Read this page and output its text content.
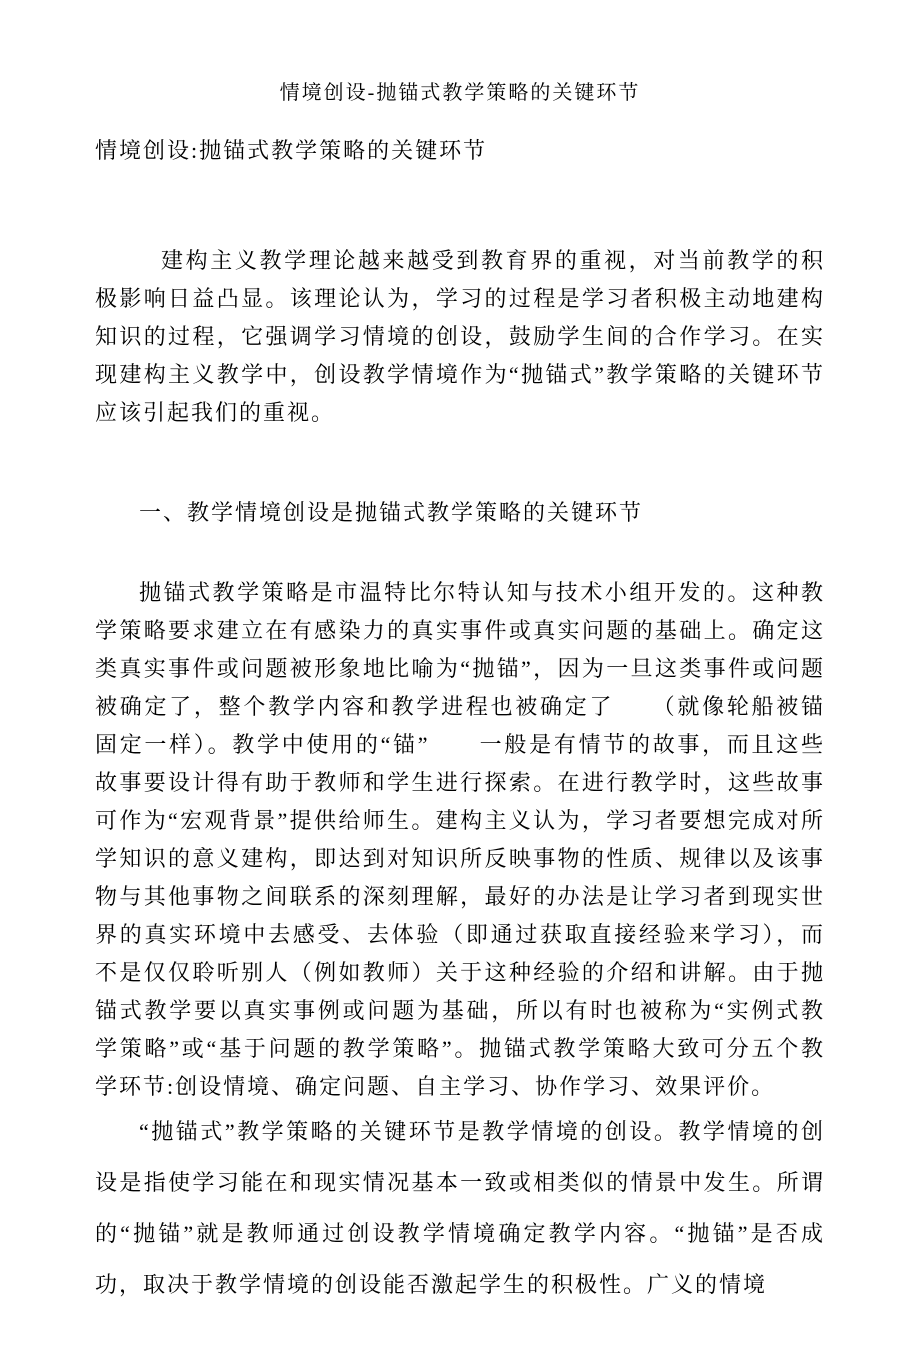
情境创设-抛锚式教学策略的关键环节

情境创设:抛锚式教学策略的关键环节

建构主义教学理论越来越受到教育界的重视，对当前教学的积极影响日益凸显。该理论认为，学习的过程是学习者积极主动地建构知识的过程，它强调学习情境的创设，鼓励学生间的合作学习。在实现建构主义教学中，创设教学情境作为“抛锚式”教学策略的关键环节应该引起我们的重视。

一、教学情境创设是抛锚式教学策略的关键环节

抛锚式教学策略是市温特比尔特认知与技术小组开发的。这种教学策略要求建立在有感染力的真实事件或真实问题的基础上。确定这类真实事件或问题被形象地比喻为“抛锚”，因为一旦这类事件或问题被确定了，整个教学内容和教学进程也被确定了　　（就像轮船被锚固定一样）。教学中使用的“锚”　　一般是有情节的故事，而且这些故事要设计得有助于教师和学生进行探索。在进行教学时，这些故事可作为“宏观背景”提供给师生。建构主义认为，学习者要想完成对所学知识的意义建构，即达到对知识所反映事物的性质、规律以及该事物与其他事物之间联系的深刻理解，最好的办法是让学习者到现实世界的真实环境中去感受、去体验（即通过获取直接经验来学习），而不是仅仅聆听别人（例如教师）关于这种经验的介绍和讲解。由于抛锚式教学要以真实事例或问题为基础，所以有时也被称为“实例式教学策略”或“基于问题的教学策略”。抛锚式教学策略大致可分五个教学环节:创设情境、确定问题、自主学习、协作学习、效果评价。

“抛锚式”教学策略的关键环节是教学情境的创设。教学情境的创设是指使学习能在和现实情况基本一致或相类似的情景中发生。所谓的“抛锚”就是教师通过创设教学情境确定教学内容。“抛锚”是否成功，取决于教学情境的创设能否激起学生的积极性。广义的情境
